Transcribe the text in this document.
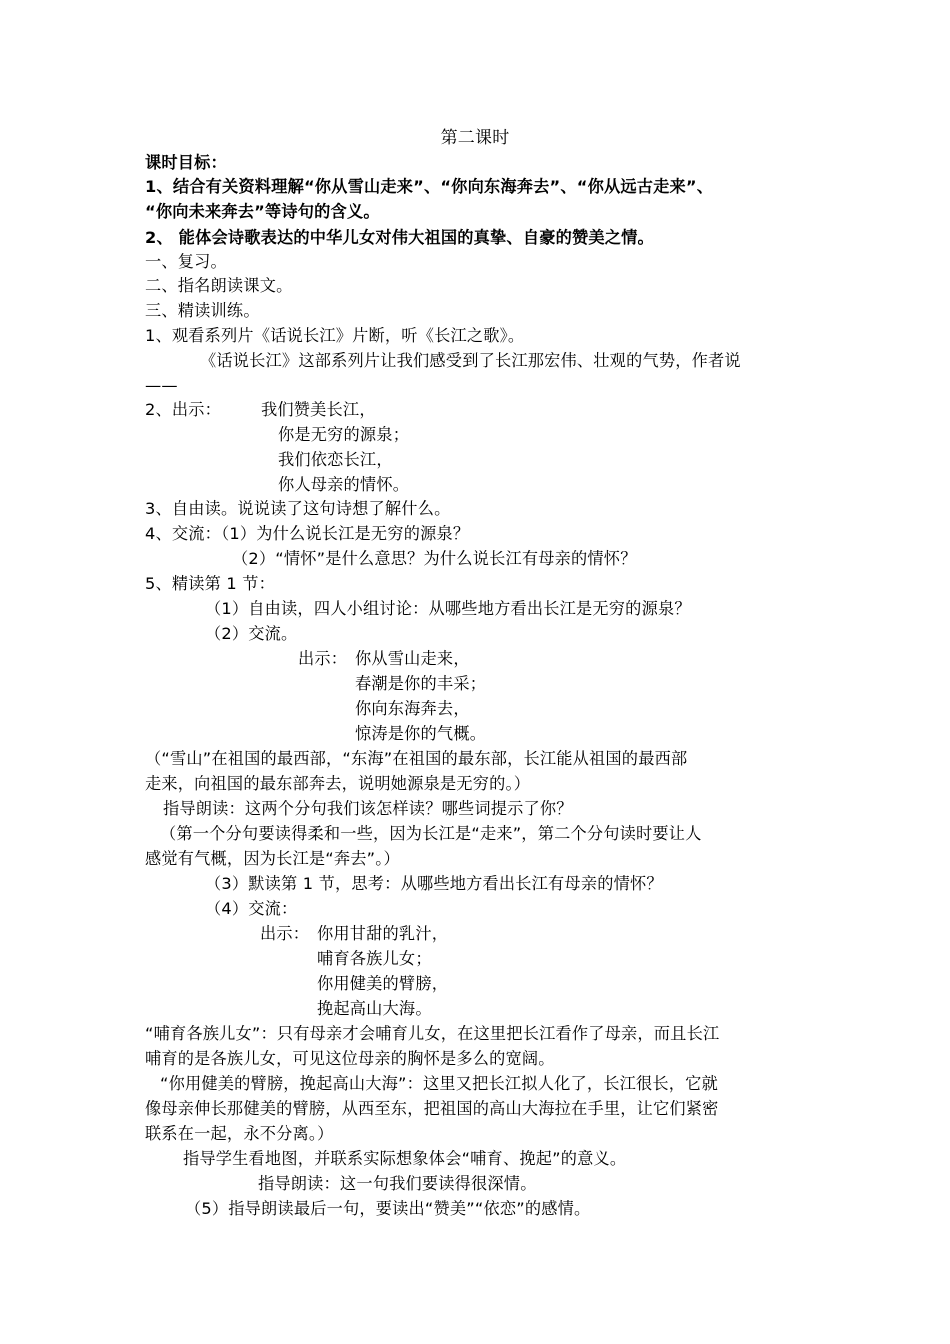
第二课时
课时目标：
1、结合有关资料理解“你从雪山走来”、“你向东海奔去”、“你从远古走来”、
“你向未来奔去”等诗句的含义。
2、 能体会诗歌表达的中华儿女对伟大祖国的真挚、自豪的赞美之情。
一、复习。
二、指名朗读课文。
三、精读训练。
1、观看系列片《话说长江》片断，听《长江之歌》。
《话说长江》这部系列片让我们感受到了长江那宏伟、壮观的气势，作者说
——
2、出示： 我们赞美长江，
你是无穷的源泉；
我们依恋长江，
你人母亲的情怀。
3、自由读。说说读了这句诗想了解什么。
4、交流：（1）为什么说长江是无穷的源泉？
（2）“情怀”是什么意思？为什么说长江有母亲的情怀？
5、精读第 1 节：
（1）自由读，四人小组讨论：从哪些地方看出长江是无穷的源泉？
（2）交流。
出示： 你从雪山走来，
春潮是你的丰采；
你向东海奔去，
惊涛是你的气概。
（“雪山”在祖国的最西部，“东海”在祖国的最东部，长江能从祖国的最西部
走来，向祖国的最东部奔去，说明她源泉是无穷的。）
指导朗读：这两个分句我们该怎样读？哪些词提示了你？
（第一个分句要读得柔和一些，因为长江是“走来”，第二个分句读时要让人
感觉有气概，因为长江是“奔去”。）
（3）默读第 1 节，思考：从哪些地方看出长江有母亲的情怀？
（4）交流：
出示： 你用甘甜的乳汁，
哺育各族儿女；
你用健美的臂膀，
挽起高山大海。
“哺育各族儿女”：只有母亲才会哺育儿女，在这里把长江看作了母亲，而且长江
哺育的是各族儿女，可见这位母亲的胸怀是多么的宽阔。
“你用健美的臂膀，挽起高山大海”：这里又把长江拟人化了，长江很长，它就
像母亲伸长那健美的臂膀，从西至东，把祖国的高山大海拉在手里，让它们紧密
联系在一起，永不分离。）
指导学生看地图，并联系实际想象体会“哺育、挽起”的意义。
指导朗读：这一句我们要读得很深情。
（5）指导朗读最后一句，要读出“赞美”“依恋”的感情。
